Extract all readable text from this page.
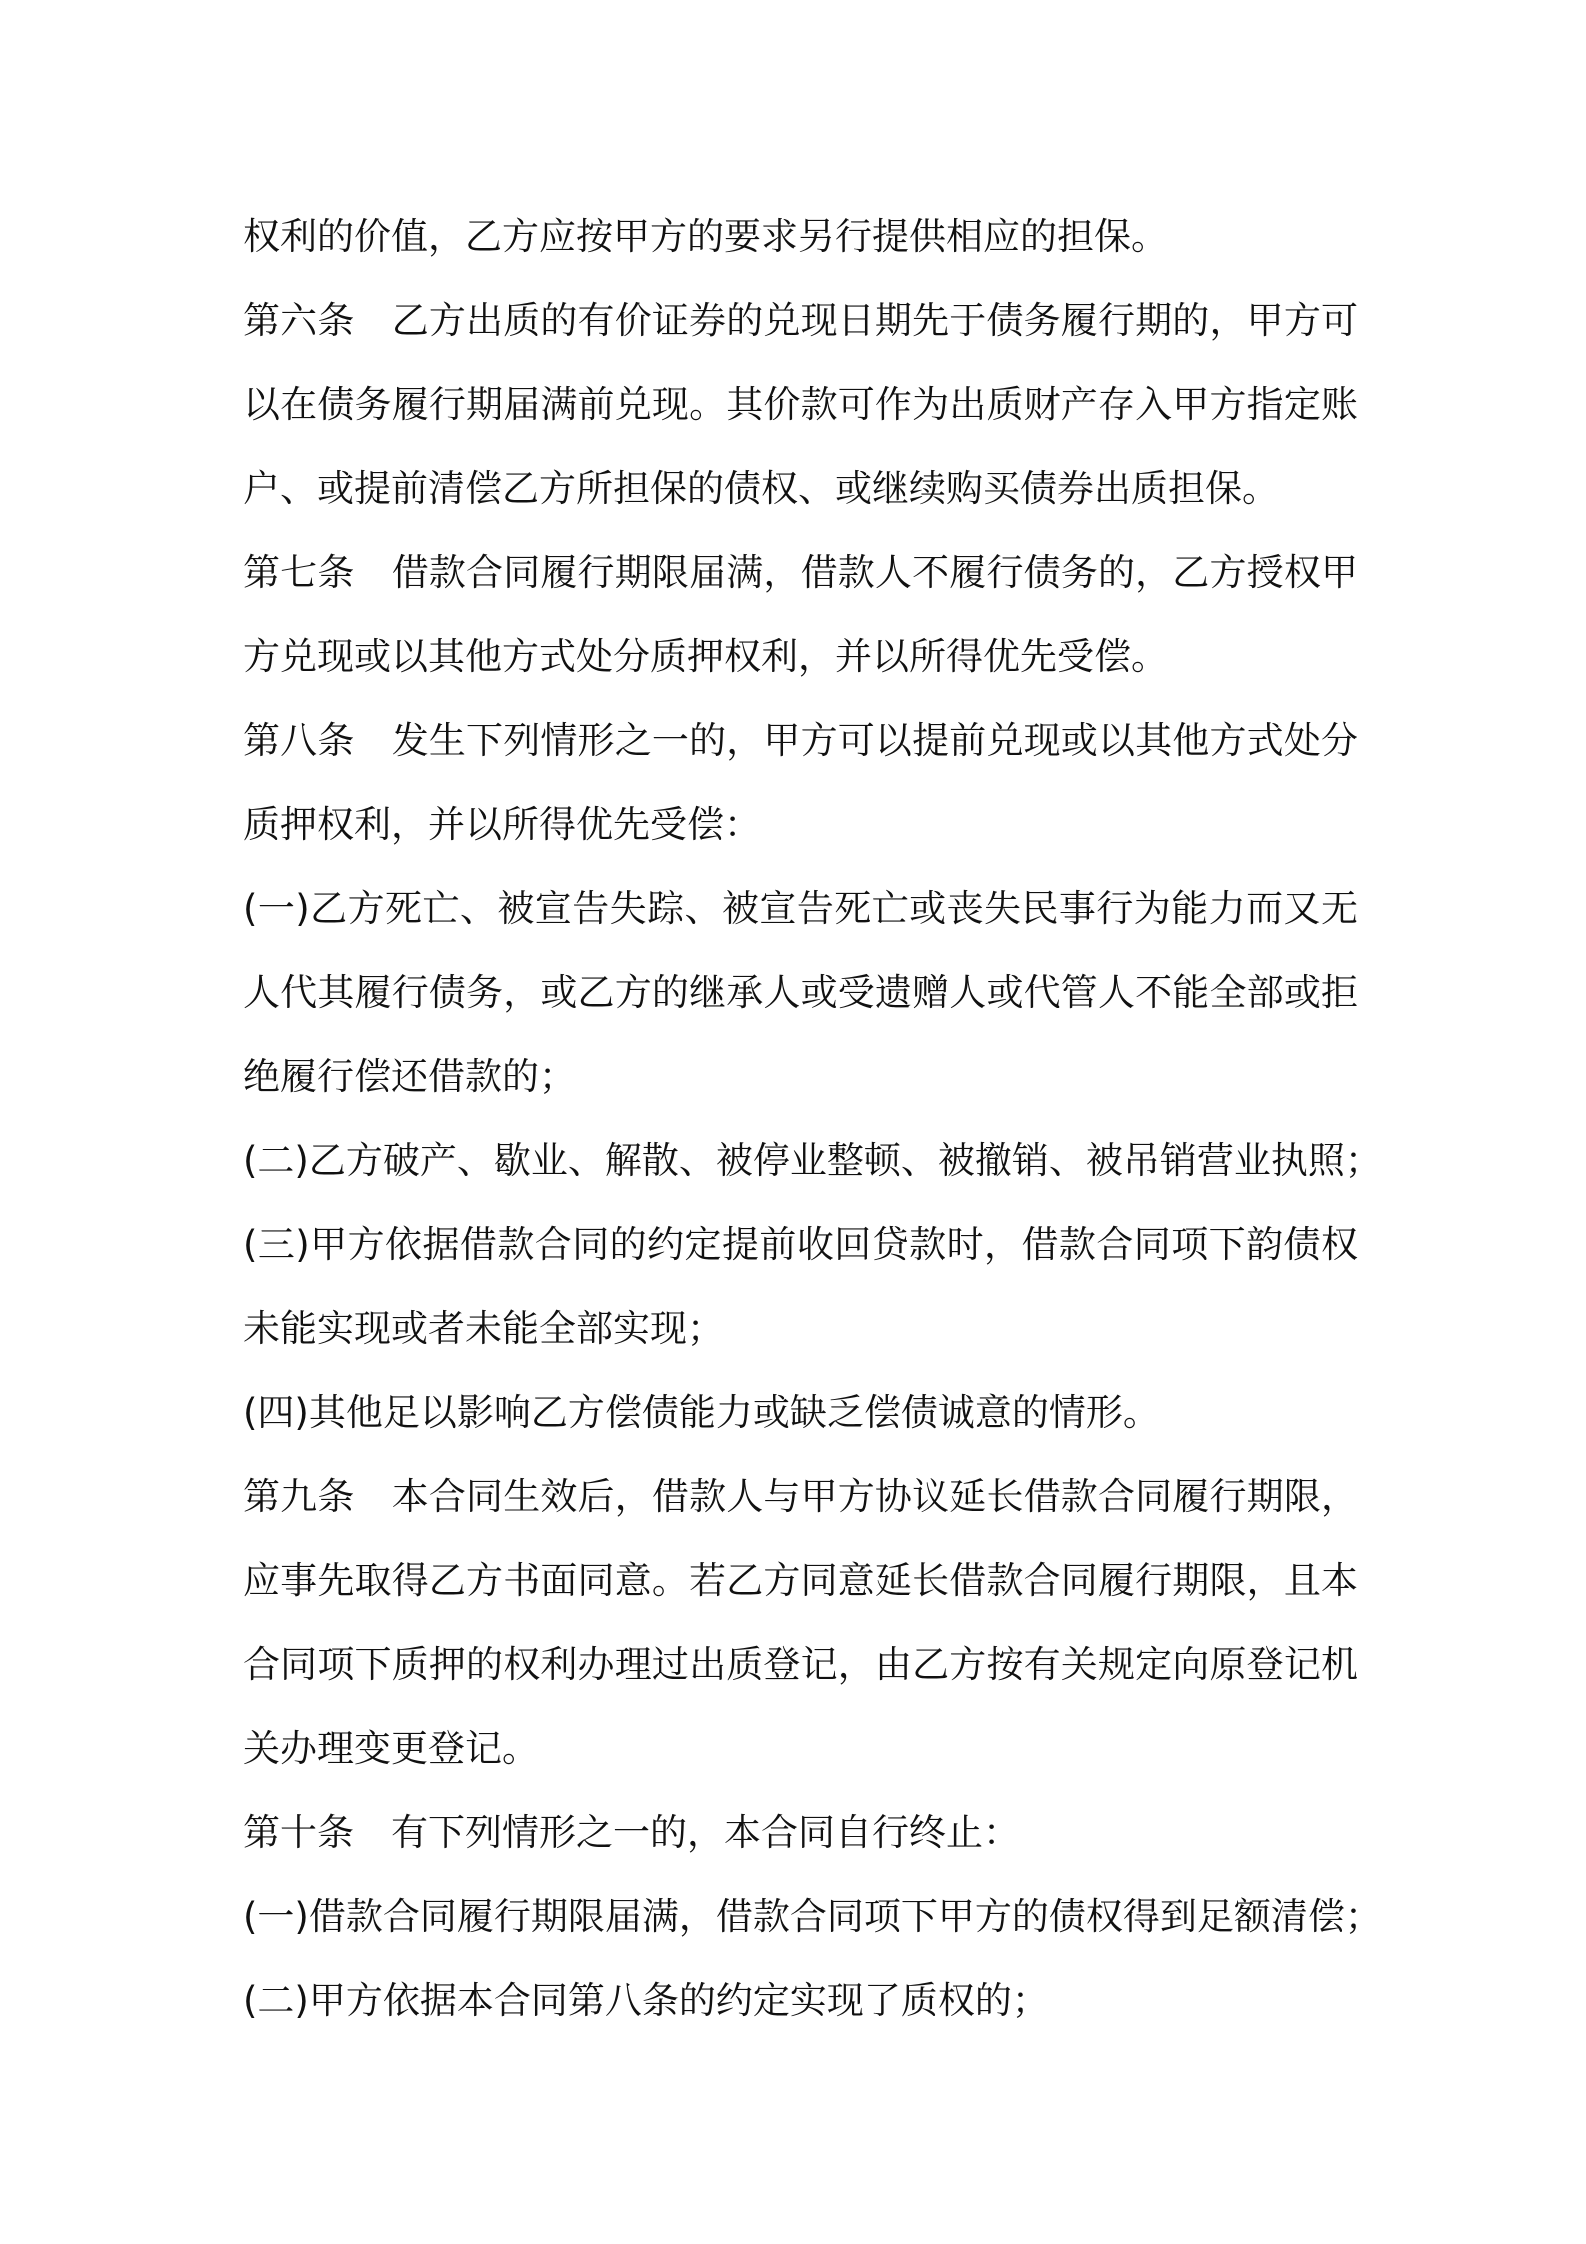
权利的价值，乙方应按甲方的要求另行提供相应的担保。
第六条　乙方出质的有价证券的兑现日期先于债务履行期的，甲方可
以在债务履行期届满前兑现。其价款可作为出质财产存入甲方指定账
户、或提前清偿乙方所担保的债权、或继续购买债券出质担保。
第七条　借款合同履行期限届满，借款人不履行债务的，乙方授权甲
方兑现或以其他方式处分质押权利，并以所得优先受偿。
第八条　发生下列情形之一的，甲方可以提前兑现或以其他方式处分
质押权利，并以所得优先受偿：
(一)乙方死亡、被宣告失踪、被宣告死亡或丧失民事行为能力而又无
人代其履行债务，或乙方的继承人或受遗赠人或代管人不能全部或拒
绝履行偿还借款的；
(二)乙方破产、歇业、解散、被停业整顿、被撤销、被吊销营业执照；
(三)甲方依据借款合同的约定提前收回贷款时，借款合同项下韵债权
未能实现或者未能全部实现；
(四)其他足以影响乙方偿债能力或缺乏偿债诚意的情形。
第九条　本合同生效后，借款人与甲方协议延长借款合同履行期限，
应事先取得乙方书面同意。若乙方同意延长借款合同履行期限，且本
合同项下质押的权利办理过出质登记，由乙方按有关规定向原登记机
关办理变更登记。
第十条　有下列情形之一的，本合同自行终止：
(一)借款合同履行期限届满，借款合同项下甲方的债权得到足额清偿；
(二)甲方依据本合同第八条的约定实现了质权的；
